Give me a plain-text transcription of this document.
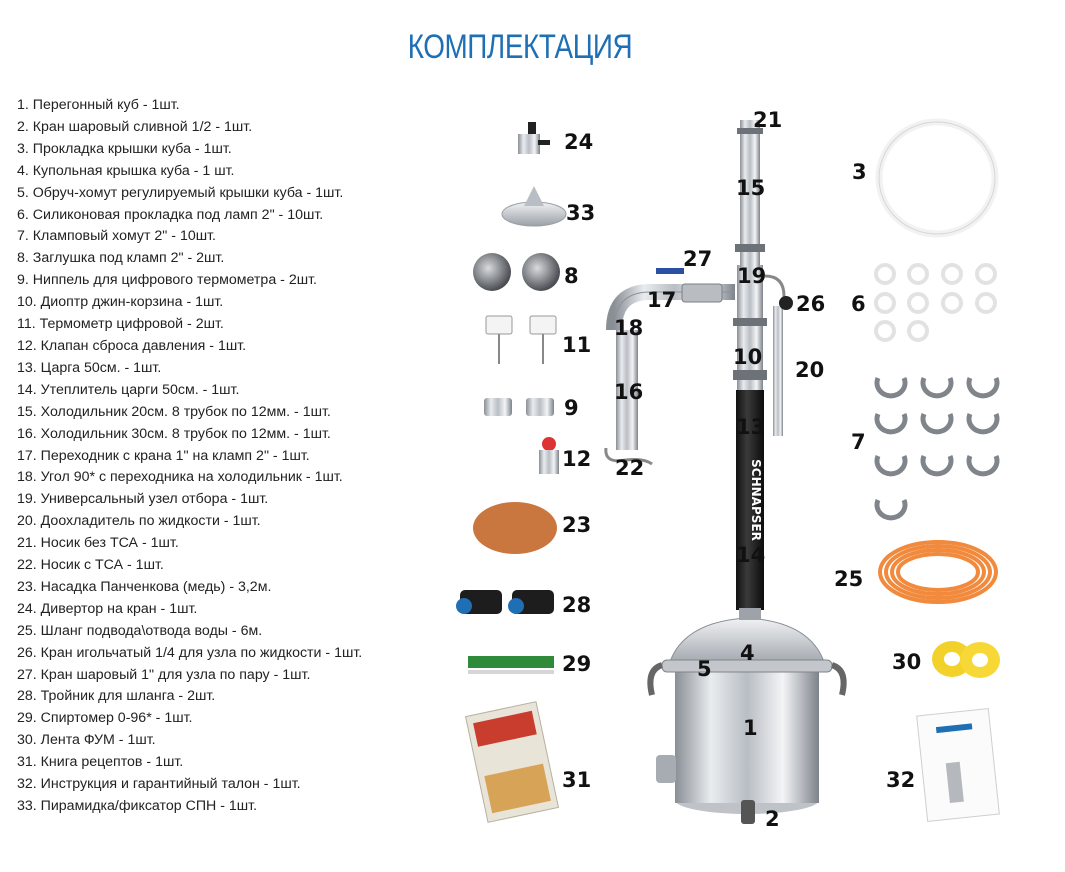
КОМПЛЕКТАЦИЯ
1. Перегонный куб - 1шт.
2. Кран шаровый сливной 1/2 - 1шт.
3. Прокладка крышки куба - 1шт.
4. Купольная крышка куба - 1 шт.
5. Обруч-хомут регулируемый крышки куба - 1шт.
6. Силиконовая прокладка под ламп 2" - 10шт.
7. Кламповый хомут 2" - 10шт.
8. Заглушка под кламп 2" - 2шт.
9. Ниппель для цифрового термометра - 2шт.
10. Диоптр джин-корзина - 1шт.
11. Термометр цифровой - 2шт.
12. Клапан сброса давления - 1шт.
13. Царга 50см. - 1шт.
14. Утеплитель царги 50см. - 1шт.
15. Холодильник 20см. 8 трубок по 12мм. - 1шт.
16. Холодильник 30см. 8 трубок по 12мм. - 1шт.
17. Переходник с крана 1" на кламп 2" - 1шт.
18. Угол 90* с переходника на холодильник - 1шт.
19. Универсальный узел отбора - 1шт.
20. Доохладитель по жидкости - 1шт.
21. Носик без ТСА - 1шт.
22. Носик с ТСА - 1шт.
23. Насадка Панченкова (медь) - 3,2м.
24. Дивертор на кран - 1шт.
25. Шланг подвода\отвода воды - 6м.
26. Кран игольчатый 1/4 для узла по жидкости - 1шт.
27. Кран шаровый 1" для узла по пару - 1шт.
28. Тройник для шланга - 2шт.
29. Спиртомер 0-96* - 1шт.
30. Лента ФУМ - 1шт.
31. Книга рецептов - 1шт.
32. Инструкция и гарантийный талон - 1шт.
33. Пирамидка/фиксатор СПН - 1шт.
SCHNAPSER
1
2
3
4
5
6
7
8
9
10
11
12
13
14
15
16
17
18
19
20
21
22
23
24
25
26
27
28
29	30
31	32
33
